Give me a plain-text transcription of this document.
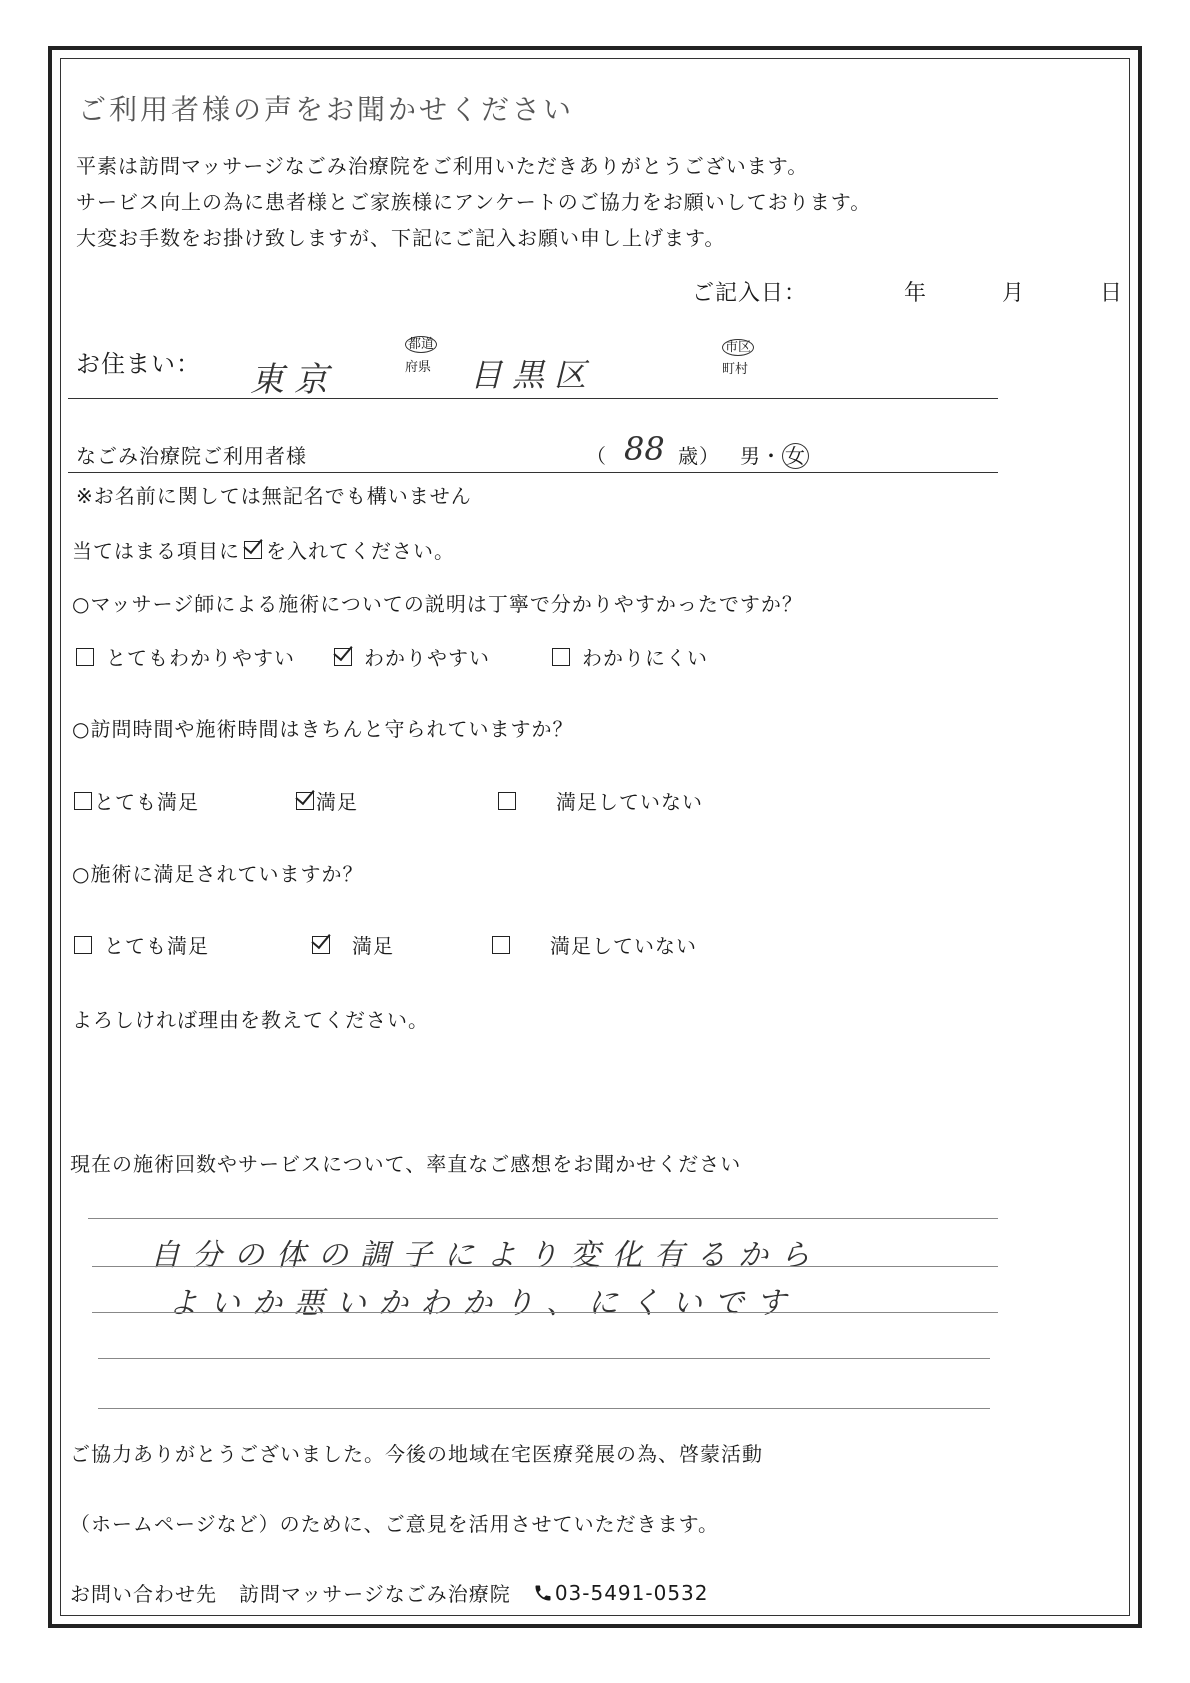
ご利用者様の声をお聞かせください
平素は訪問マッサージなごみ治療院をご利用いただきありがとうございます。
サービス向上の為に患者様とご家族様にアンケートのご協力をお願いしております。
大変お手数をお掛け致しますが、下記にご記入お願い申し上げます。
ご記入日：	年	月	日
お住まい： 東京
都道
府県 目黒区
市区
町村
なごみ治療院ご利用者様	（ 88 歳） 男・ 女
※お名前に関しては無記名でも構いません
当てはまる項目に を入れてください。
○マッサージ師による施術についての説明は丁寧で分かりやすかったですか？
とてもわかりやすい	わかりやすい	わかりにくい
○訪問時間や施術時間はきちんと守られていますか？
とても満足	満足	満足していない
○施術に満足されていますか？
とても満足	満足	満足していない
よろしければ理由を教えてください。
現在の施術回数やサービスについて、率直なご感想をお聞かせください
自分の体の調子により変化有るから
よいか悪いかわかり、にくいです
ご協力ありがとうございました。今後の地域在宅医療発展の為、啓蒙活動
（ホームページなど）のために、ご意見を活用させていただきます。
お問い合わせ先 訪問マッサージなごみ治療院 03-5491-0532
